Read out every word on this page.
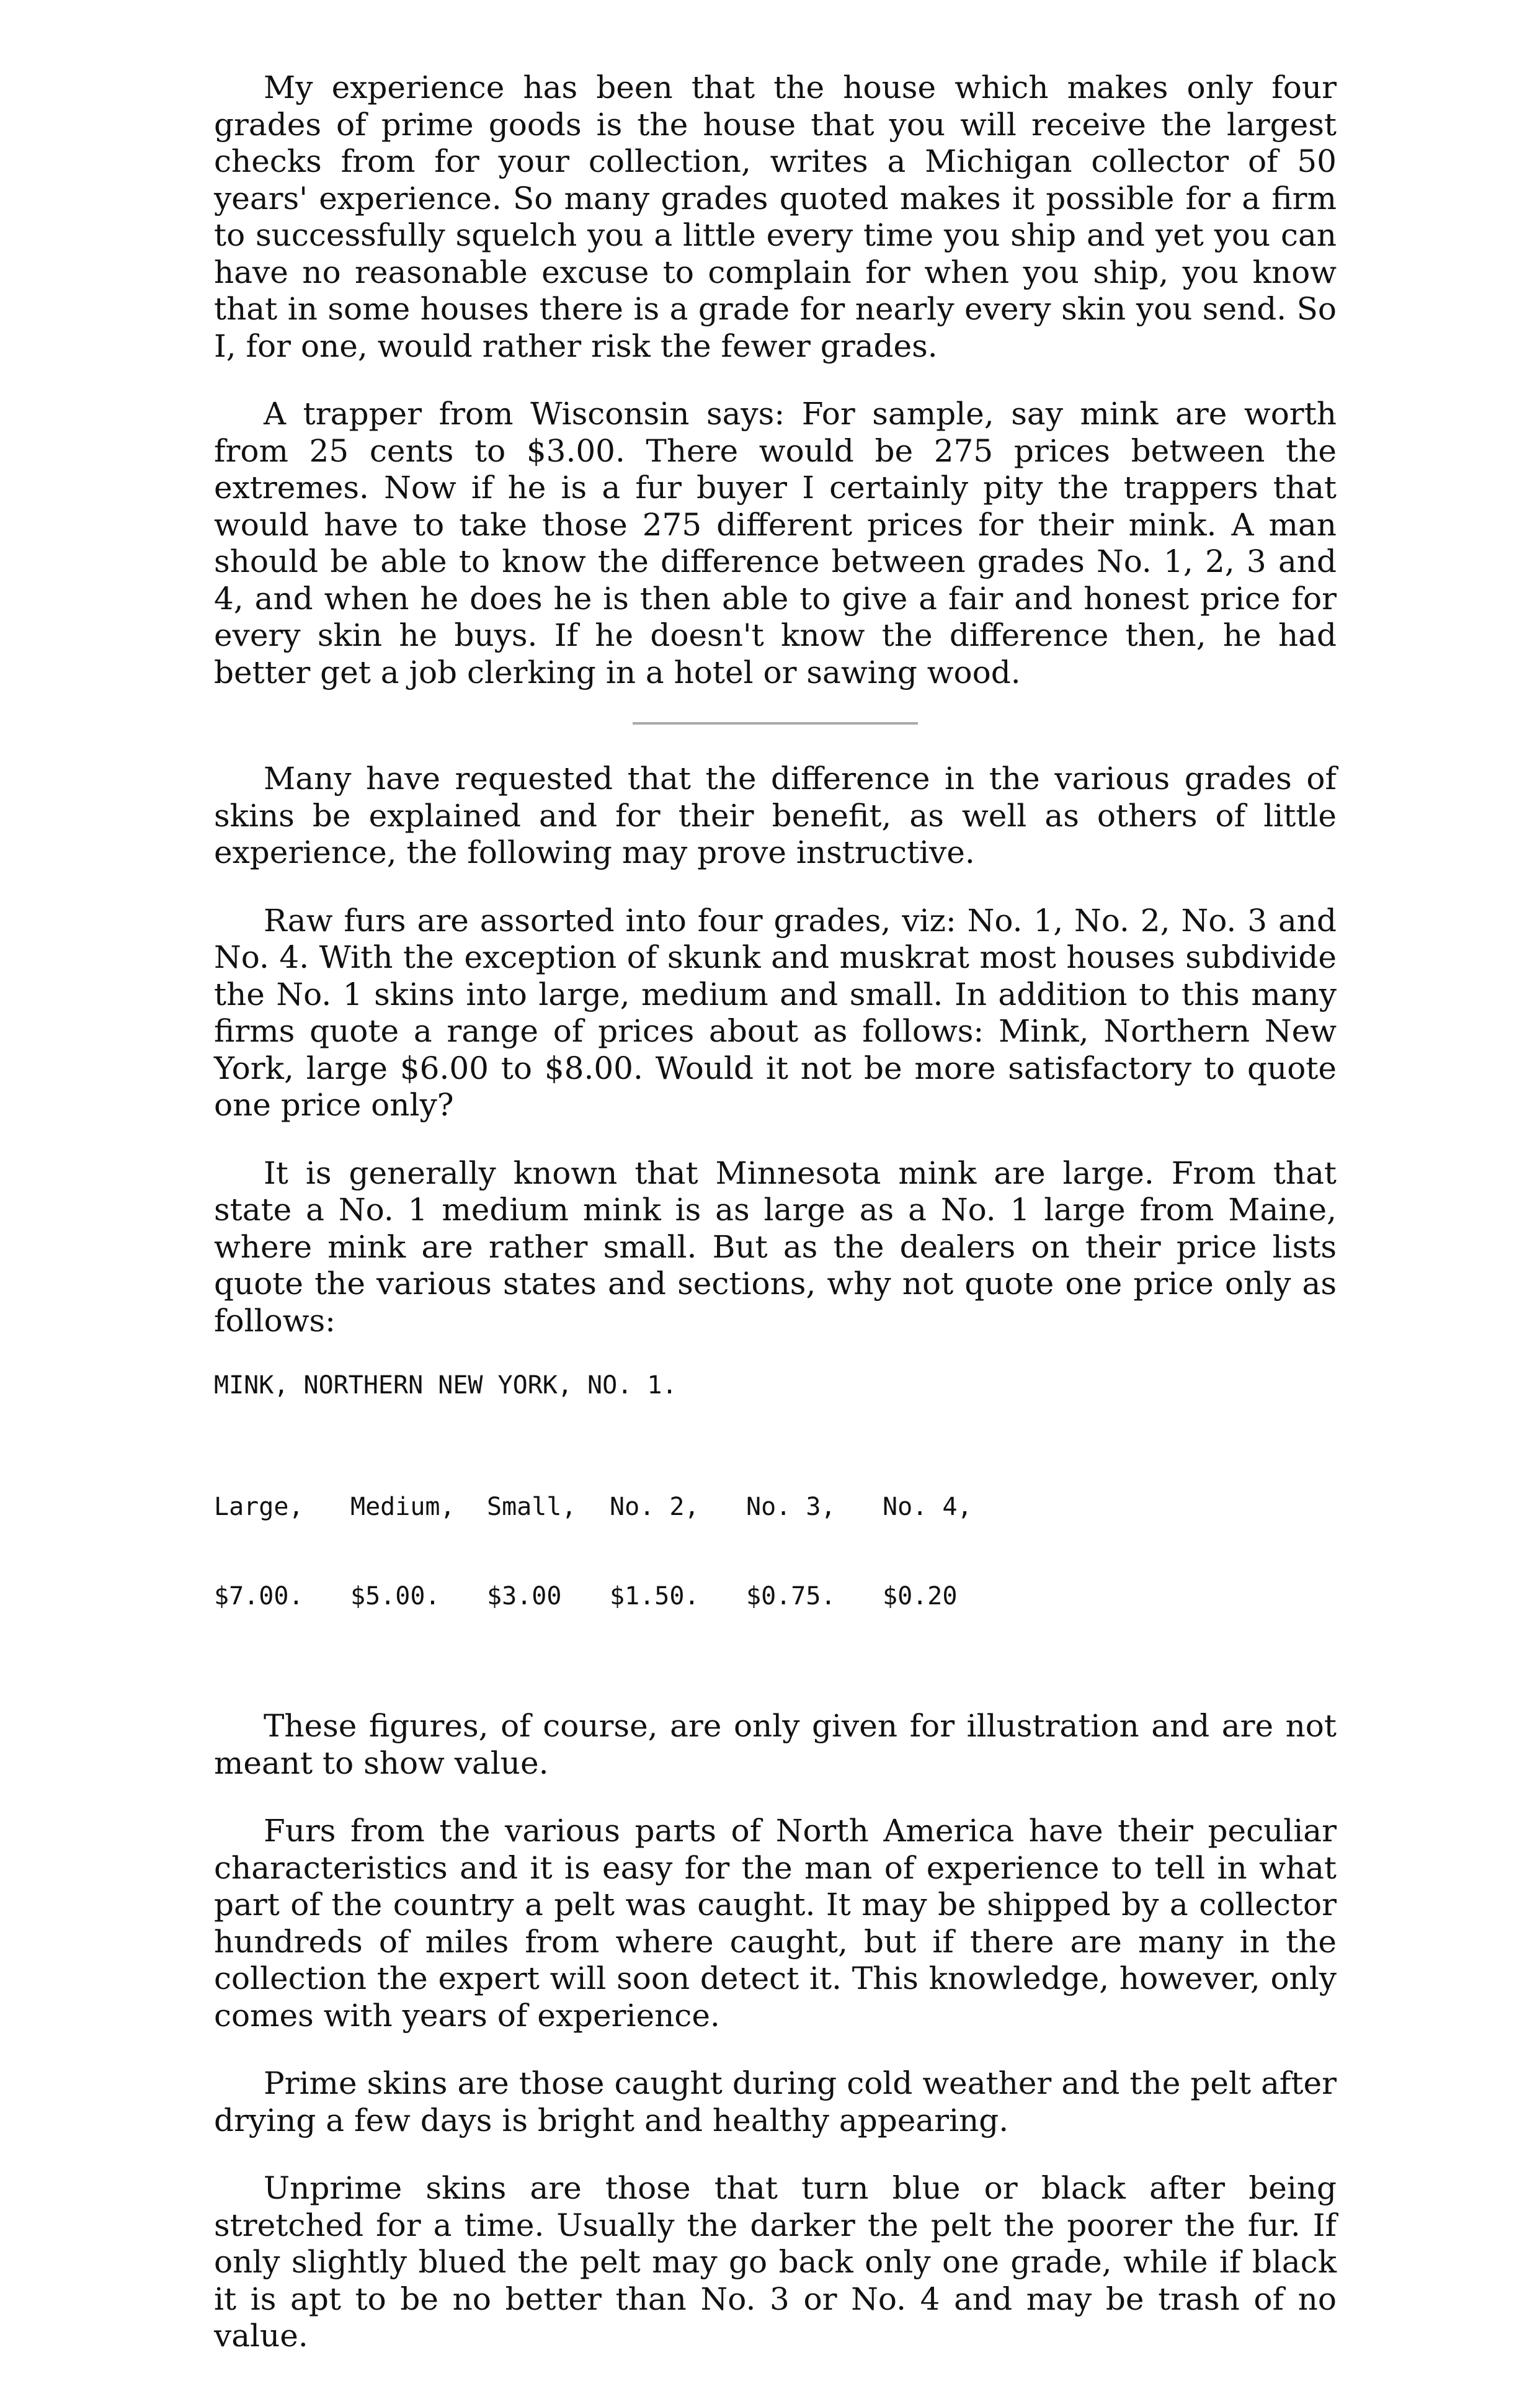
My experience has been that the house which makes only four grades of prime goods is the house that you will receive the largest checks from for your collection, writes a Michigan collector of 50 years' experience. So many grades quoted makes it possible for a firm to successfully squelch you a little every time you ship and yet you can have no reasonable excuse to complain for when you ship, you know that in some houses there is a grade for nearly every skin you send. So I, for one, would rather risk the fewer grades.

A trapper from Wisconsin says: For sample, say mink are worth from 25 cents to $3.00. There would be 275 prices between the extremes. Now if he is a fur buyer I certainly pity the trappers that would have to take those 275 different prices for their mink. A man should be able to know the difference between grades No. 1, 2, 3 and 4, and when he does he is then able to give a fair and honest price for every skin he buys. If he doesn't know the difference then, he had better get a job clerking in a hotel or sawing wood.

Many have requested that the difference in the various grades of skins be explained and for their benefit, as well as others of little experience, the following may prove instructive.

Raw furs are assorted into four grades, viz: No. 1, No. 2, No. 3 and No. 4. With the exception of skunk and muskrat most houses subdivide the No. 1 skins into large, medium and small. In addition to this many firms quote a range of prices about as follows: Mink, Northern New York, large $6.00 to $8.00. Would it not be more satisfactory to quote one price only?

It is generally known that Minnesota mink are large. From that state a No. 1 medium mink is as large as a No. 1 large from Maine, where mink are rather small. But as the dealers on their price lists quote the various states and sections, why not quote one price only as follows:

MINK, NORTHERN NEW YORK, NO. 1.

Large,	Medium,	Small,	No. 2,	No. 3,	No. 4,

$7.00.	$5.00.	$3.00	$1.50.	$0.75.	$0.20

These figures, of course, are only given for illustration and are not meant to show value.

Furs from the various parts of North America have their peculiar characteristics and it is easy for the man of experience to tell in what part of the country a pelt was caught. It may be shipped by a collector hundreds of miles from where caught, but if there are many in the collection the expert will soon detect it. This knowledge, however, only comes with years of experience.

Prime skins are those caught during cold weather and the pelt after drying a few days is bright and healthy appearing.

Unprime skins are those that turn blue or black after being stretched for a time. Usually the darker the pelt the poorer the fur. If only slightly blued the pelt may go back only one grade, while if black it is apt to be no better than No. 3 or No. 4 and may be trash of no value.
